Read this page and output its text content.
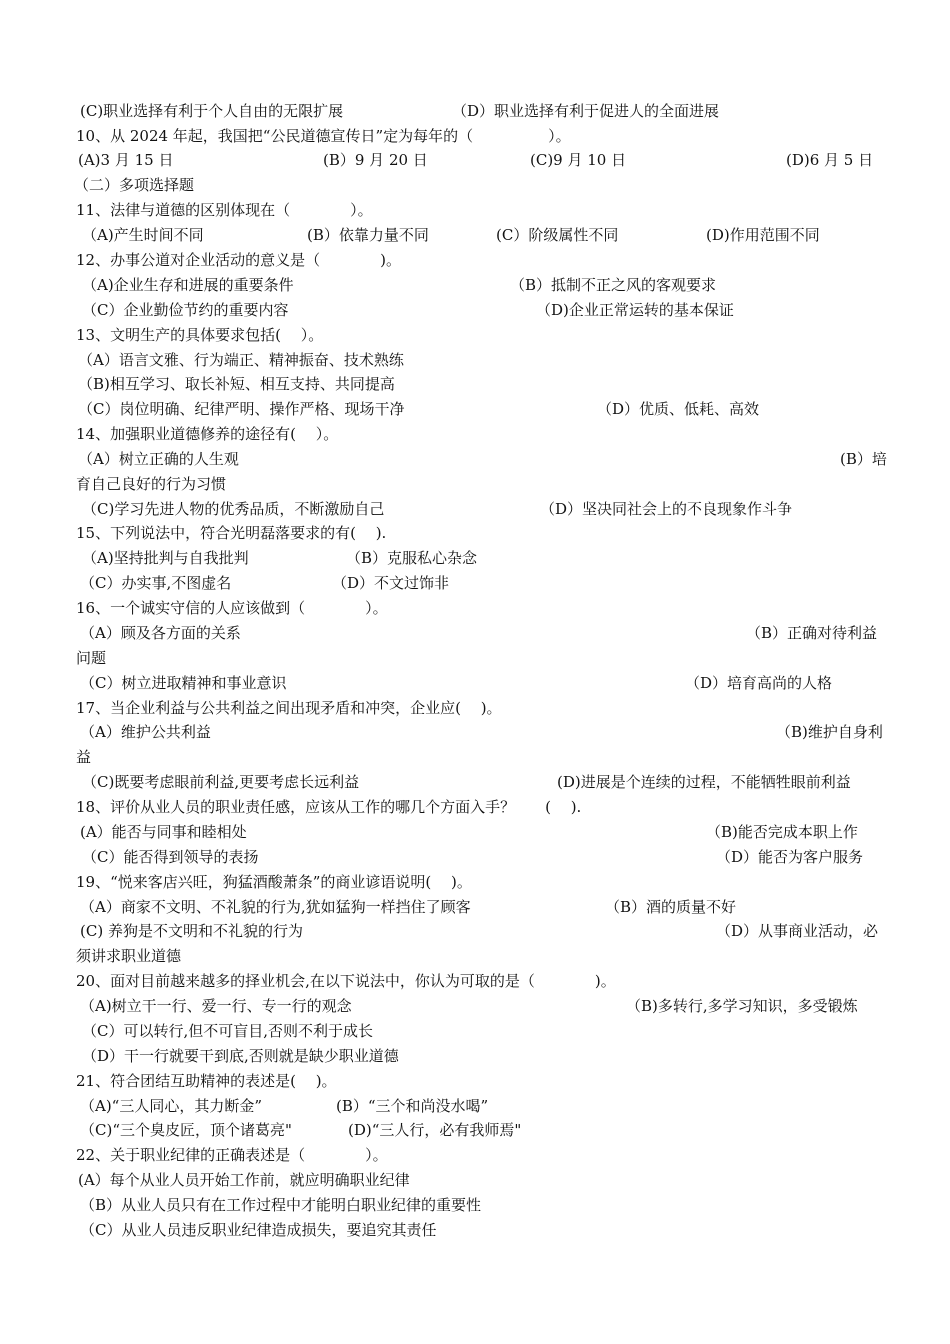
(C)职业选择有利于个人自由的无限扩展	（D）职业选择有利于促进人的全面进展
10、从 2024 年起，我国把“公民道德宣传日”定为每年的（　　　　　）。
(A)3 月 15 日	(B）9 月 20 日	(C)9 月 10 日	(D)6 月 5 日
（二）多项选择题
11、法律与道德的区别体现在（　　　　）。
（A)产生时间不同	(B）依靠力量不同	(C）阶级属性不同	(D)作用范围不同
12、办事公道对企业活动的意义是（　　　　)。
（A)企业生存和进展的重要条件	（B）抵制不正之风的客观要求
（C）企业勤俭节约的重要内容	（D)企业正常运转的基本保证
13、文明生产的具体要求包括(　 ）。
（A）语言文雅、行为端正、精神振奋、技术熟练
（B)相互学习、取长补短、相互支持、共同提高
（C）岗位明确、纪律严明、操作严格、现场干净	（D）优质、低耗、高效
14、加强职业道德修养的途径有(　 ）。
（A）树立正确的人生观	(B）培
育自己良好的行为习惯
（C)学习先进人物的优秀品质，不断激励自己	（D）坚决同社会上的不良现象作斗争
15、下列说法中，符合光明磊落要求的有(　 ).
（A)坚持批判与自我批判	（B）克服私心杂念
（C）办实事,不图虚名	（D）不文过饰非
16、一个诚实守信的人应该做到（　　　　）。
（A）顾及各方面的关系	（B）正确对待利益
问题
（C）树立进取精神和事业意识	（D）培育高尚的人格
17、当企业利益与公共利益之间出现矛盾和冲突，企业应(　 )。
（A）维护公共利益	（B)维护自身利
益
（C)既要考虑眼前利益,更要考虑长远利益	(D)进展是个连续的过程，不能牺牲眼前利益
18、评价从业人员的职业责任感，应该从工作的哪几个方面入手？　　(　 ).
(A）能否与同事和睦相处	（B)能否完成本职上作
（C）能否得到领导的表扬	（D）能否为客户服务
19、“悦来客店兴旺，狗猛酒酸萧条”的商业谚语说明(　 )。
（A）商家不文明、不礼貌的行为,犹如猛狗一样挡住了顾客	（B）酒的质量不好
(C) 养狗是不文明和不礼貌的行为	（D）从事商业活动，必
须讲求职业道德
20、面对目前越来越多的择业机会,在以下说法中，你认为可取的是（　　　　)。
（A)树立干一行、爱一行、专一行的观念	（B)多转行,多学习知识，多受锻炼
（C）可以转行,但不可盲目,否则不利于成长
（D）干一行就要干到底,否则就是缺少职业道德
21、符合团结互助精神的表述是(　 )。
（A)“三人同心，其力断金”	(B）“三个和尚没水喝”
（C)“三个臭皮匠，顶个诸葛亮"	(D)“三人行，必有我师焉"
22、关于职业纪律的正确表述是（　　　　）。
(A）每个从业人员开始工作前，就应明确职业纪律
（B）从业人员只有在工作过程中才能明白职业纪律的重要性
（C）从业人员违反职业纪律造成损失，要追究其责任
